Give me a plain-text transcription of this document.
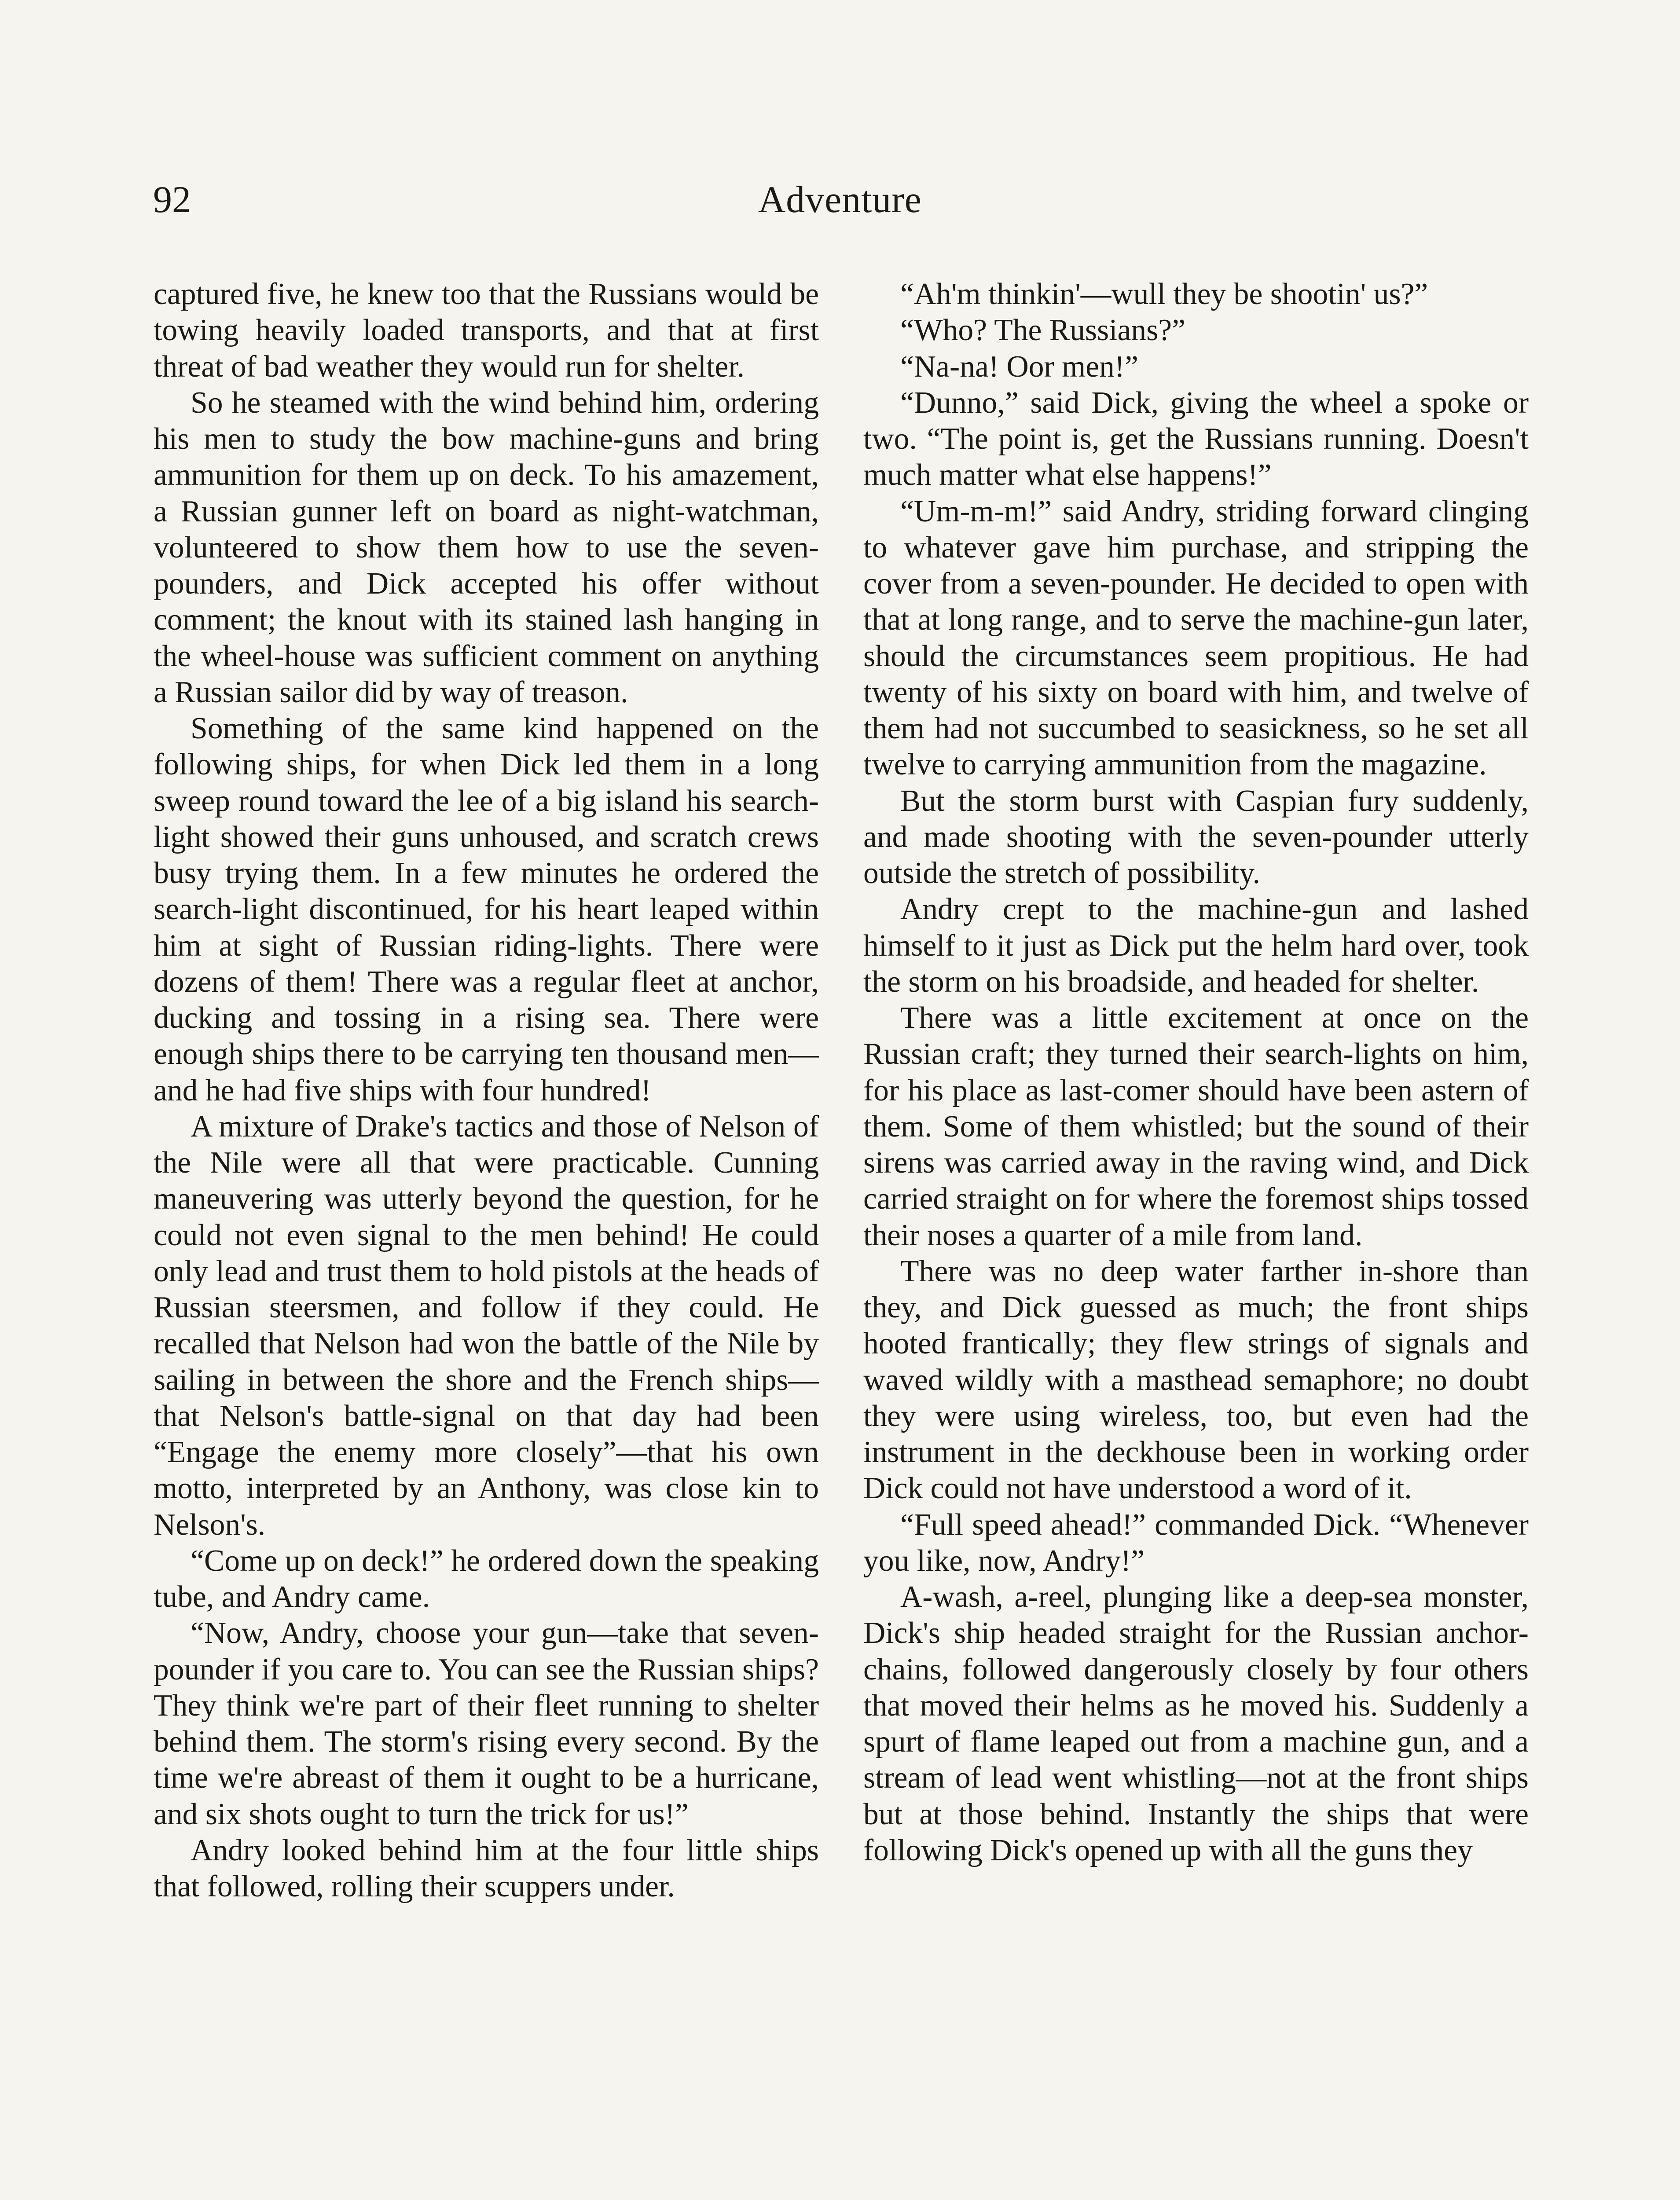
92	Adventure

captured five, he knew too that the Russians would be towing heavily loaded transports, and that at first threat of bad weather they would run for shelter.

So he steamed with the wind behind him, ordering his men to study the bow machine-guns and bring ammunition for them up on deck. To his amazement, a Russian gunner left on board as night-watchman, volunteered to show them how to use the seven-pounders, and Dick accepted his offer without comment; the knout with its stained lash hanging in the wheel-house was sufficient comment on anything a Russian sailor did by way of treason.

Something of the same kind happened on the following ships, for when Dick led them in a long sweep round toward the lee of a big island his search-light showed their guns unhoused, and scratch crews busy trying them. In a few minutes he ordered the search-light discontinued, for his heart leaped within him at sight of Russian riding-lights. There were dozens of them! There was a regular fleet at anchor, ducking and tossing in a rising sea. There were enough ships there to be carrying ten thousand men—and he had five ships with four hundred!

A mixture of Drake's tactics and those of Nelson of the Nile were all that were practicable. Cunning maneuvering was utterly beyond the question, for he could not even signal to the men behind! He could only lead and trust them to hold pistols at the heads of Russian steersmen, and follow if they could. He recalled that Nelson had won the battle of the Nile by sailing in between the shore and the French ships—that Nelson's battle-signal on that day had been “Engage the enemy more closely”—that his own motto, interpreted by an Anthony, was close kin to Nelson's.

“Come up on deck!” he ordered down the speaking tube, and Andry came.

“Now, Andry, choose your gun—take that seven-pounder if you care to. You can see the Russian ships? They think we're part of their fleet running to shelter behind them. The storm's rising every second. By the time we're abreast of them it ought to be a hurricane, and six shots ought to turn the trick for us!”

Andry looked behind him at the four little ships that followed, rolling their scuppers under.

“Ah'm thinkin'—wull they be shootin' us?”

“Who? The Russians?”

“Na-na! Oor men!”

“Dunno,” said Dick, giving the wheel a spoke or two. “The point is, get the Russians running. Doesn't much matter what else happens!”

“Um-m-m!” said Andry, striding forward clinging to whatever gave him purchase, and stripping the cover from a seven-pounder. He decided to open with that at long range, and to serve the machine-gun later, should the circumstances seem propitious. He had twenty of his sixty on board with him, and twelve of them had not succumbed to seasickness, so he set all twelve to carrying ammunition from the magazine.

But the storm burst with Caspian fury suddenly, and made shooting with the seven-pounder utterly outside the stretch of possibility.

Andry crept to the machine-gun and lashed himself to it just as Dick put the helm hard over, took the storm on his broadside, and headed for shelter.

There was a little excitement at once on the Russian craft; they turned their search-lights on him, for his place as last-comer should have been astern of them. Some of them whistled; but the sound of their sirens was carried away in the raving wind, and Dick carried straight on for where the foremost ships tossed their noses a quarter of a mile from land.

There was no deep water farther in-shore than they, and Dick guessed as much; the front ships hooted frantically; they flew strings of signals and waved wildly with a masthead semaphore; no doubt they were using wireless, too, but even had the instrument in the deckhouse been in working order Dick could not have understood a word of it.

“Full speed ahead!” commanded Dick. “Whenever you like, now, Andry!”

A-wash, a-reel, plunging like a deep-sea monster, Dick's ship headed straight for the Russian anchor-chains, followed dangerously closely by four others that moved their helms as he moved his. Suddenly a spurt of flame leaped out from a machine gun, and a stream of lead went whistling—not at the front ships but at those behind. Instantly the ships that were following Dick's opened up with all the guns they
